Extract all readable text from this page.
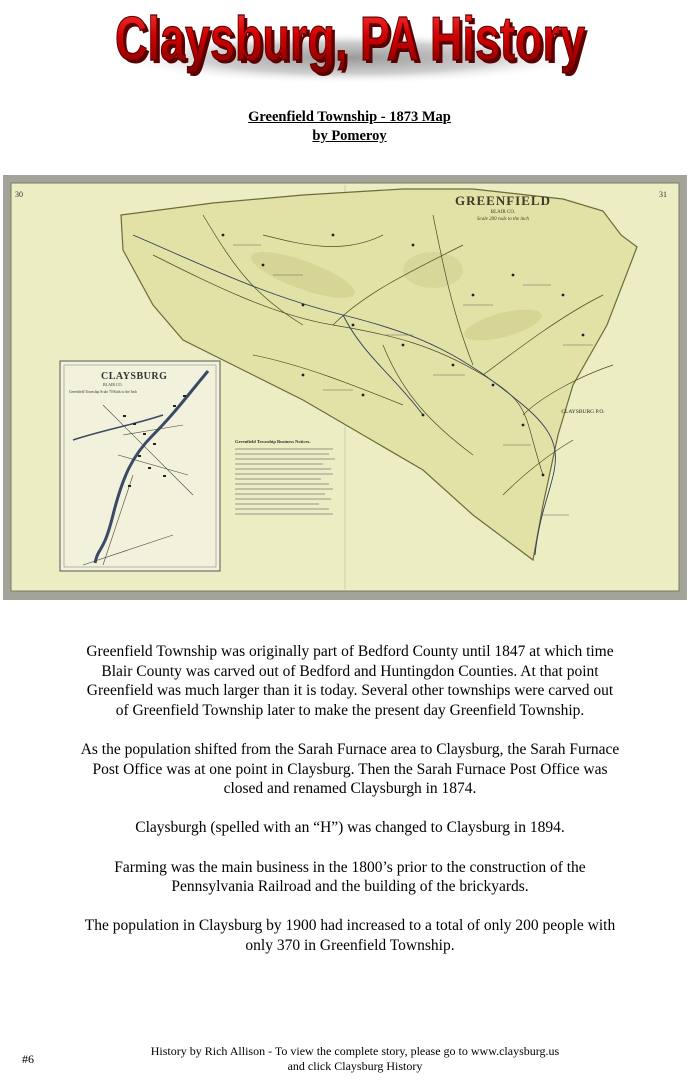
Claysburg, PA History
Claysburg, PA History
Greenfield Township - 1873 Map
by Pomeroy
30	31
GREENFIELD
BLAIR CO.
Scale 200 rods to the inch
CLAYSBURG P.O.
CLAYSBURG
BLAIR CO.
Greenfield Township Scale 70 Rods to the Inch
Greenfield Township Business Notices.

Greenfield Township was originally part of Bedford County until 1847 at which time Blair County was carved out of Bedford and Huntingdon Counties. At that point Greenfield was much larger than it is today. Several other townships were carved out of Greenfield Township later to make the present day Greenfield Township.

As the population shifted from the Sarah Furnace area to Claysburg, the Sarah Furnace Post Office was at one point in Claysburg. Then the Sarah Furnace Post Office was closed and renamed Claysburgh in 1874.

Claysburgh (spelled with an “H”) was changed to Claysburg in 1894.

Farming was the main business in the 1800’s prior to the construction of the Pennsylvania Railroad and the building of the brickyards.

The population in Claysburg by 1900 had increased to a total of only 200 people with only 370 in Greenfield Township.

History by Rich Allison - To view the complete story, please go to www.claysburg.us
and click Claysburg History
#6
